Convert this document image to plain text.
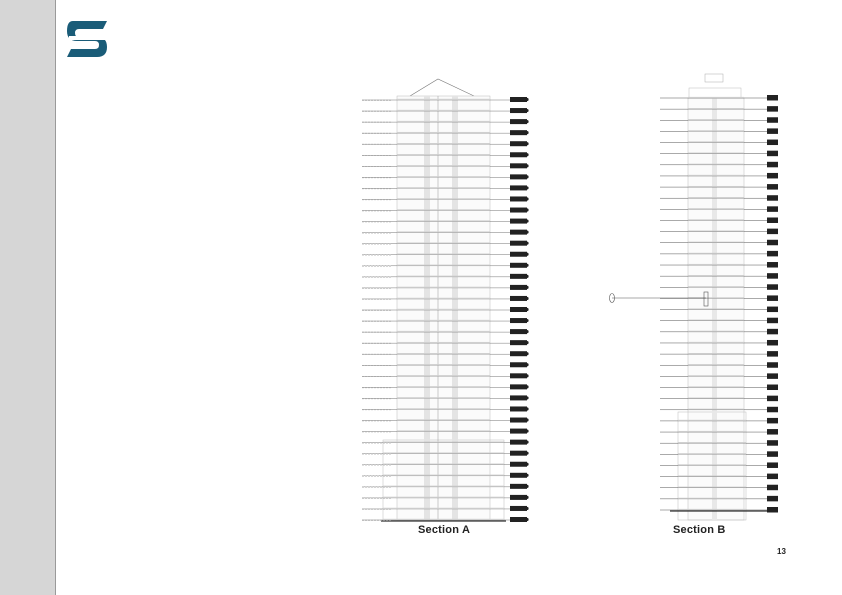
Section A	Section B
13
